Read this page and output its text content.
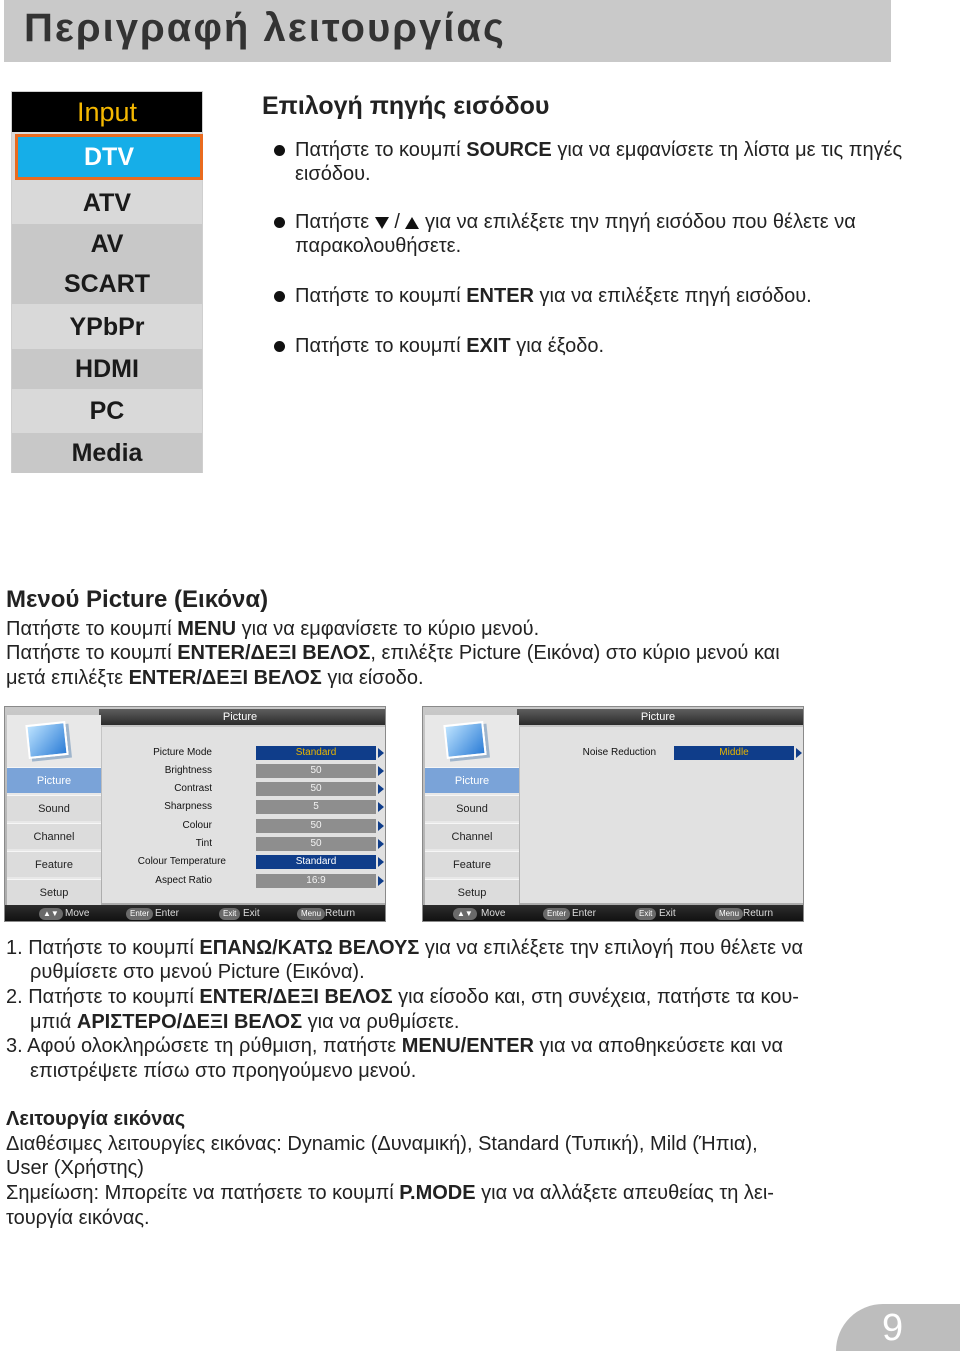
Περιγραφή λειτουργίας
Input
DTV
ATV
AV
SCART
YPbPr
HDMI
PC
Media
Επιλογή πηγής εισόδου
Πατήστε το κουμπί SOURCE για να εμφανίσετε τη λίστα με τις πηγές εισόδου.
Πατήστε / για να επιλέξετε την πηγή εισόδου που θέλετε να παρακολουθήσετε.
Πατήστε το κουμπί ENTER για να επιλέξετε πηγή εισόδου.
Πατήστε το κουμπί EXIT για έξοδο.
Μενού Picture (Εικόνα)
Πατήστε το κουμπί MENU για να εμφανίσετε το κύριο μενού.
Πατήστε το κουμπί ENTER/ΔΕΞΙ ΒΕΛΟΣ, επιλέξτε Picture (Εικόνα) στο κύριο μενού και
μετά επιλέξτε ENTER/ΔΕΞΙ ΒΕΛΟΣ για είσοδο.
Picture
Picture
Sound
Channel
Feature
Setup
Picture Mode	Standard
Brightness	50
Contrast	50
Sharpness	5
Colour	50
Tint	50
Colour Temperature	Standard
Aspect Ratio	16:9
▲▼ Move	Enter Enter	Exit Exit	Menu Return
Picture
Picture
Sound
Channel
Feature
Setup
Noise Reduction	Middle
▲▼ Move	Enter Enter	Exit Exit	Menu Return
1. Πατήστε το κουμπί ΕΠΑΝΩ/ΚΑΤΩ ΒΕΛΟΥΣ για να επιλέξετε την επιλογή που θέλετε να
ρυθμίσετε στο μενού Picture (Εικόνα).
2. Πατήστε το κουμπί ENTER/ΔΕΞΙ ΒΕΛΟΣ για είσοδο και, στη συνέχεια, πατήστε τα κου-
μπιά ΑΡΙΣΤΕΡΟ/ΔΕΞΙ ΒΕΛΟΣ για να ρυθμίσετε.
3. Αφού ολοκληρώσετε τη ρύθμιση, πατήστε MENU/ENTER για να αποθηκεύσετε και να
επιστρέψετε πίσω στο προηγούμενο μενού.
Λειτουργία εικόνας
Διαθέσιμες λειτουργίες εικόνας: Dynamic (Δυναμική), Standard (Τυπική), Mild (Ήπια),
User (Χρήστης)
Σημείωση: Μπορείτε να πατήσετε το κουμπί P.MODE για να αλλάξετε απευθείας τη λει-
τουργία εικόνας.
9
